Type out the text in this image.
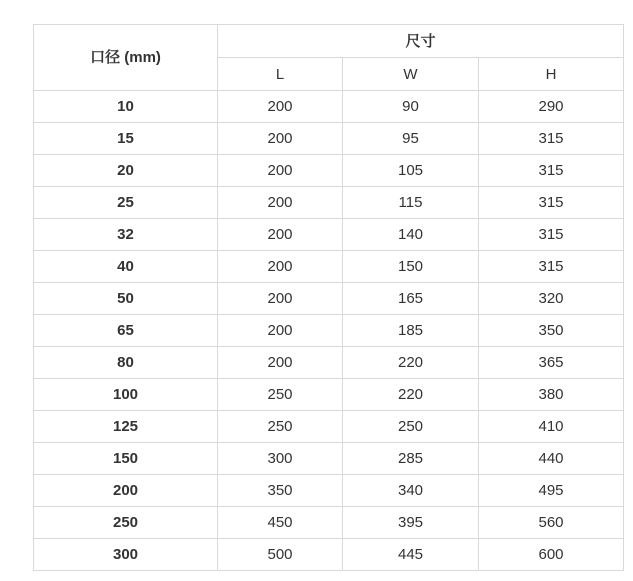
口径 (mm)	尺寸		
	L	W	H
10	200	90	290
15	200	95	315
20	200	105	315
25	200	115	315
32	200	140	315
40	200	150	315
50	200	165	320
65	200	185	350
80	200	220	365
100	250	220	380
125	250	250	410
150	300	285	440
200	350	340	495
250	450	395	560
300	500	445	600
